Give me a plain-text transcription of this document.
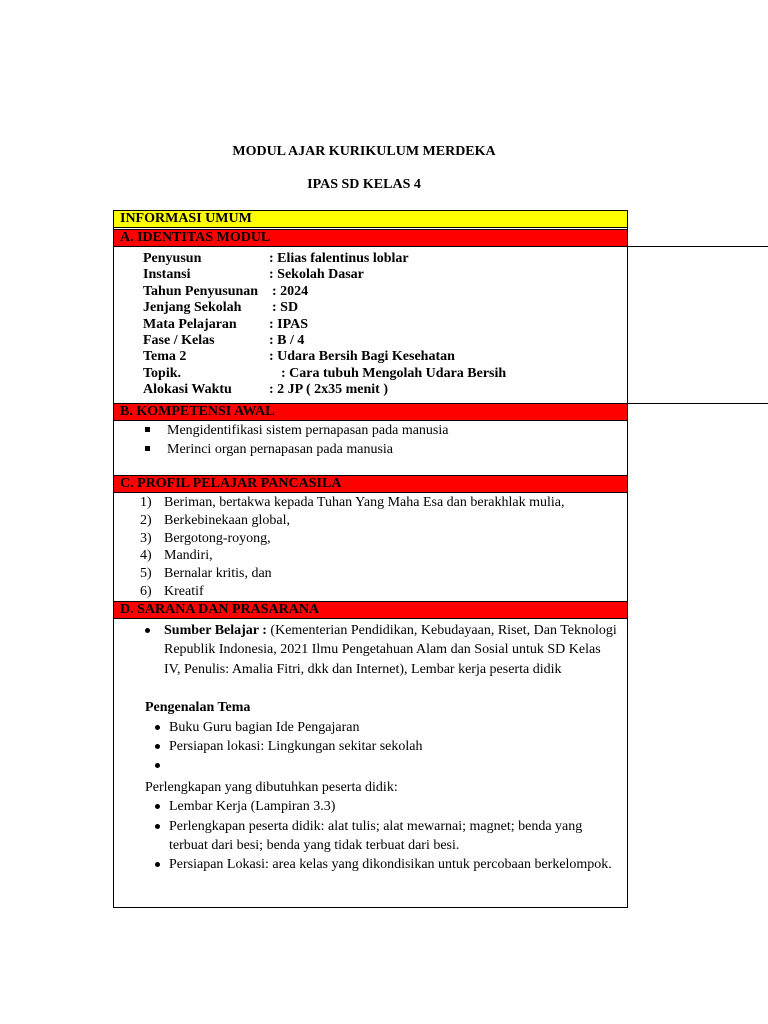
MODUL AJAR KURIKULUM MERDEKA
IPAS SD KELAS 4
INFORMASI UMUM
A. IDENTITAS MODUL
Penyusun	: Elias falentinus loblar
Instansi	: Sekolah Dasar
Tahun Penyusunan : 2024
Jenjang Sekolah : SD
Mata Pelajaran : IPAS
Fase / Kelas	: B / 4
Tema 2	: Udara Bersih Bagi Kesehatan
Topik.	: Cara tubuh Mengolah Udara Bersih
Alokasi Waktu	: 2 JP ( 2x35 menit )
B. KOMPETENSI AWAL
Mengidentifikasi sistem pernapasan pada manusia
Merinci organ pernapasan pada manusia
C. PROFIL PELAJAR PANCASILA
1) Beriman, bertakwa kepada Tuhan Yang Maha Esa dan berakhlak mulia,
2) Berkebinekaan global,
3) Bergotong-royong,
4) Mandiri,
5) Bernalar kritis, dan
6) Kreatif
D. SARANA DAN PRASARANA
Sumber Belajar : (Kementerian Pendidikan, Kebudayaan, Riset, Dan Teknologi Republik Indonesia, 2021 Ilmu Pengetahuan Alam dan Sosial untuk SD Kelas IV, Penulis: Amalia Fitri, dkk dan Internet), Lembar kerja peserta didik
Pengenalan Tema
Buku Guru bagian Ide Pengajaran
Persiapan lokasi: Lingkungan sekitar sekolah
Perlengkapan yang dibutuhkan peserta didik:
Lembar Kerja (Lampiran 3.3)
Perlengkapan peserta didik: alat tulis; alat mewarnai; magnet; benda yang terbuat dari besi; benda yang tidak terbuat dari besi.
Persiapan Lokasi: area kelas yang dikondisikan untuk percobaan berkelompok.
